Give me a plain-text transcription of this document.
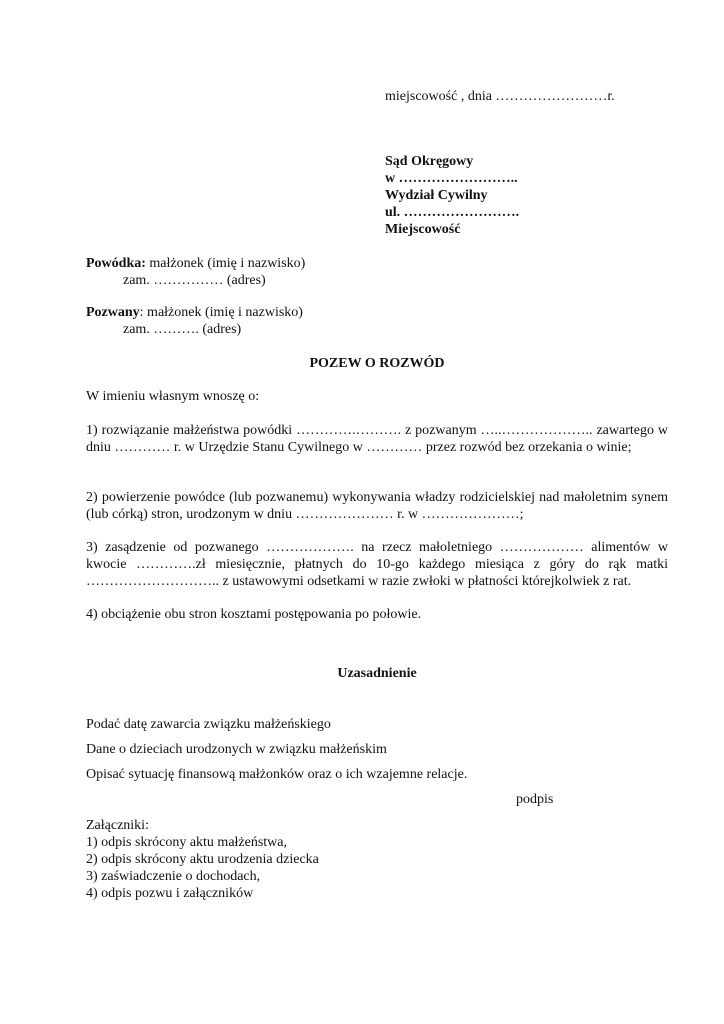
miejscowość , dnia ……………………r.
Sąd Okręgowy
w ……………………..
Wydział Cywilny
ul. …………………….
Miejscowość
Powódka: małżonek (imię i nazwisko)
zam. …………… (adres)
Pozwany: małżonek (imię i nazwisko)
zam. ………. (adres)
POZEW O ROZWÓD
W imieniu własnym wnoszę o:

1) rozwiązanie małżeństwa powódki ………….………. z pozwanym …..……………….. zawartego w dniu ………… r. w Urzędzie Stanu Cywilnego w ………… przez rozwód bez orzekania o winie;

2) powierzenie powódce (lub pozwanemu) wykonywania władzy rodzicielskiej nad małoletnim synem (lub córką) stron, urodzonym w dniu ………………… r. w …………………;

3) zasądzenie od pozwanego ………………. na rzecz małoletniego ……………… alimentów w kwocie ………….zł miesięcznie, płatnych do 10-go każdego miesiąca z góry do rąk matki ……………………….. z ustawowymi odsetkami w razie zwłoki w płatności którejkolwiek z rat.

4) obciążenie obu stron kosztami postępowania po połowie.

Uzasadnienie
Podać datę zawarcia związku małżeńskiego
Dane o dzieciach urodzonych w związku małżeńskim
Opisać sytuację finansową małżonków oraz o ich wzajemne relacje.
podpis
Załączniki:
1) odpis skrócony aktu małżeństwa,
2) odpis skrócony aktu urodzenia dziecka
3) zaświadczenie o dochodach,
4) odpis pozwu i załączników
